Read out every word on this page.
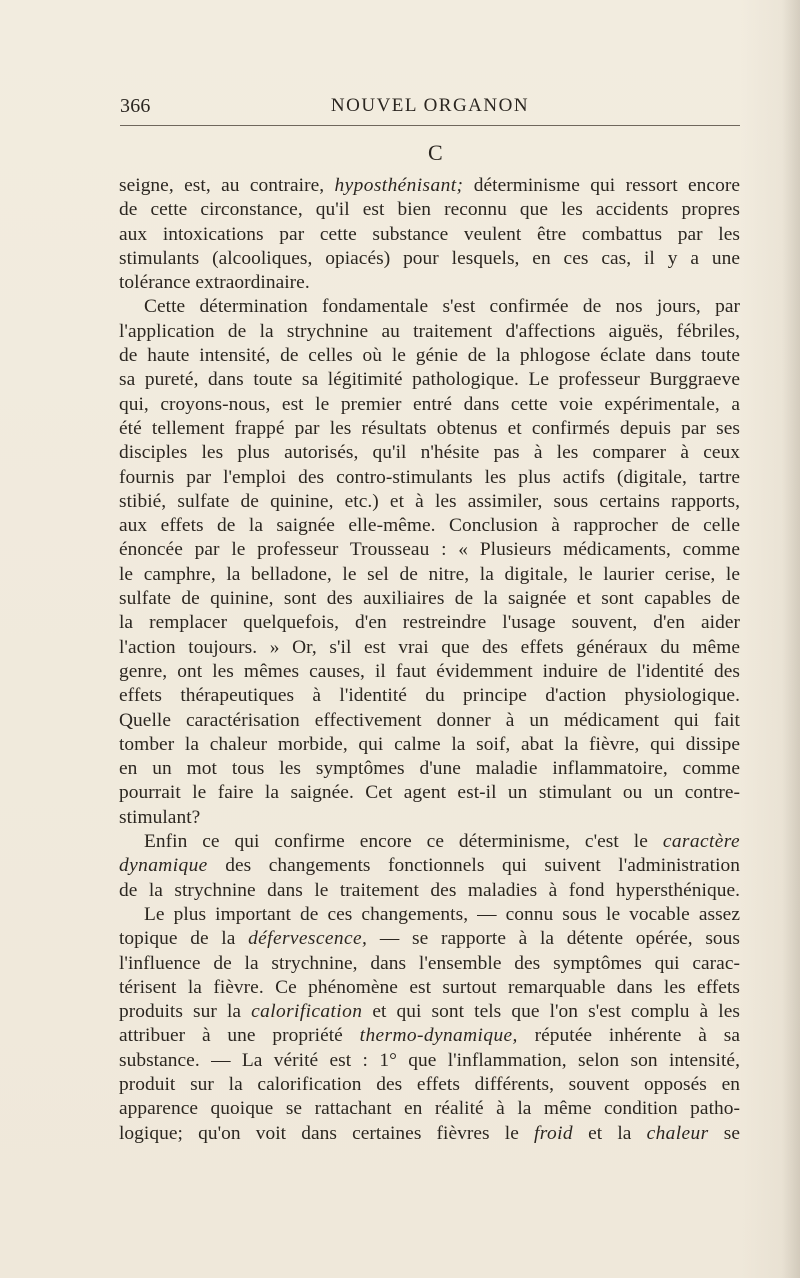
366	NOUVEL ORGANON
C
seigne, est, au contraire, hyposthénisant; déterminisme qui ressort encore
de cette circonstance, qu'il est bien reconnu que les accidents propres
aux intoxications par cette substance veulent être combattus par les
stimulants (alcooliques, opiacés) pour lesquels, en ces cas, il y a une
tolérance extraordinaire.
Cette détermination fondamentale s'est confirmée de nos jours, par
l'application de la strychnine au traitement d'affections aiguës, fébriles,
de haute intensité, de celles où le génie de la phlogose éclate dans toute
sa pureté, dans toute sa légitimité pathologique. Le professeur Burggraeve
qui, croyons-nous, est le premier entré dans cette voie expérimentale, a
été tellement frappé par les résultats obtenus et confirmés depuis par ses
disciples les plus autorisés, qu'il n'hésite pas à les comparer à ceux
fournis par l'emploi des contro-stimulants les plus actifs (digitale, tartre
stibié, sulfate de quinine, etc.) et à les assimiler, sous certains rapports,
aux effets de la saignée elle-même. Conclusion à rapprocher de celle
énoncée par le professeur Trousseau : « Plusieurs médicaments, comme
le camphre, la belladone, le sel de nitre, la digitale, le laurier cerise, le
sulfate de quinine, sont des auxiliaires de la saignée et sont capables de
la remplacer quelquefois, d'en restreindre l'usage souvent, d'en aider
l'action toujours. » Or, s'il est vrai que des effets généraux du même
genre, ont les mêmes causes, il faut évidemment induire de l'identité des
effets thérapeutiques à l'identité du principe d'action physiologique.
Quelle caractérisation effectivement donner à un médicament qui fait
tomber la chaleur morbide, qui calme la soif, abat la fièvre, qui dissipe
en un mot tous les symptômes d'une maladie inflammatoire, comme
pourrait le faire la saignée. Cet agent est-il un stimulant ou un contre-
stimulant?
Enfin ce qui confirme encore ce déterminisme, c'est le caractère
dynamique des changements fonctionnels qui suivent l'administration
de la strychnine dans le traitement des maladies à fond hypersthénique.
Le plus important de ces changements, — connu sous le vocable assez
topique de la défervescence, — se rapporte à la détente opérée, sous
l'influence de la strychnine, dans l'ensemble des symptômes qui carac-
térisent la fièvre. Ce phénomène est surtout remarquable dans les effets
produits sur la calorification et qui sont tels que l'on s'est complu à les
attribuer à une propriété thermo-dynamique, réputée inhérente à sa
substance. — La vérité est : 1° que l'inflammation, selon son intensité,
produit sur la calorification des effets différents, souvent opposés en
apparence quoique se rattachant en réalité à la même condition patho-
logique; qu'on voit dans certaines fièvres le froid et la chaleur se
